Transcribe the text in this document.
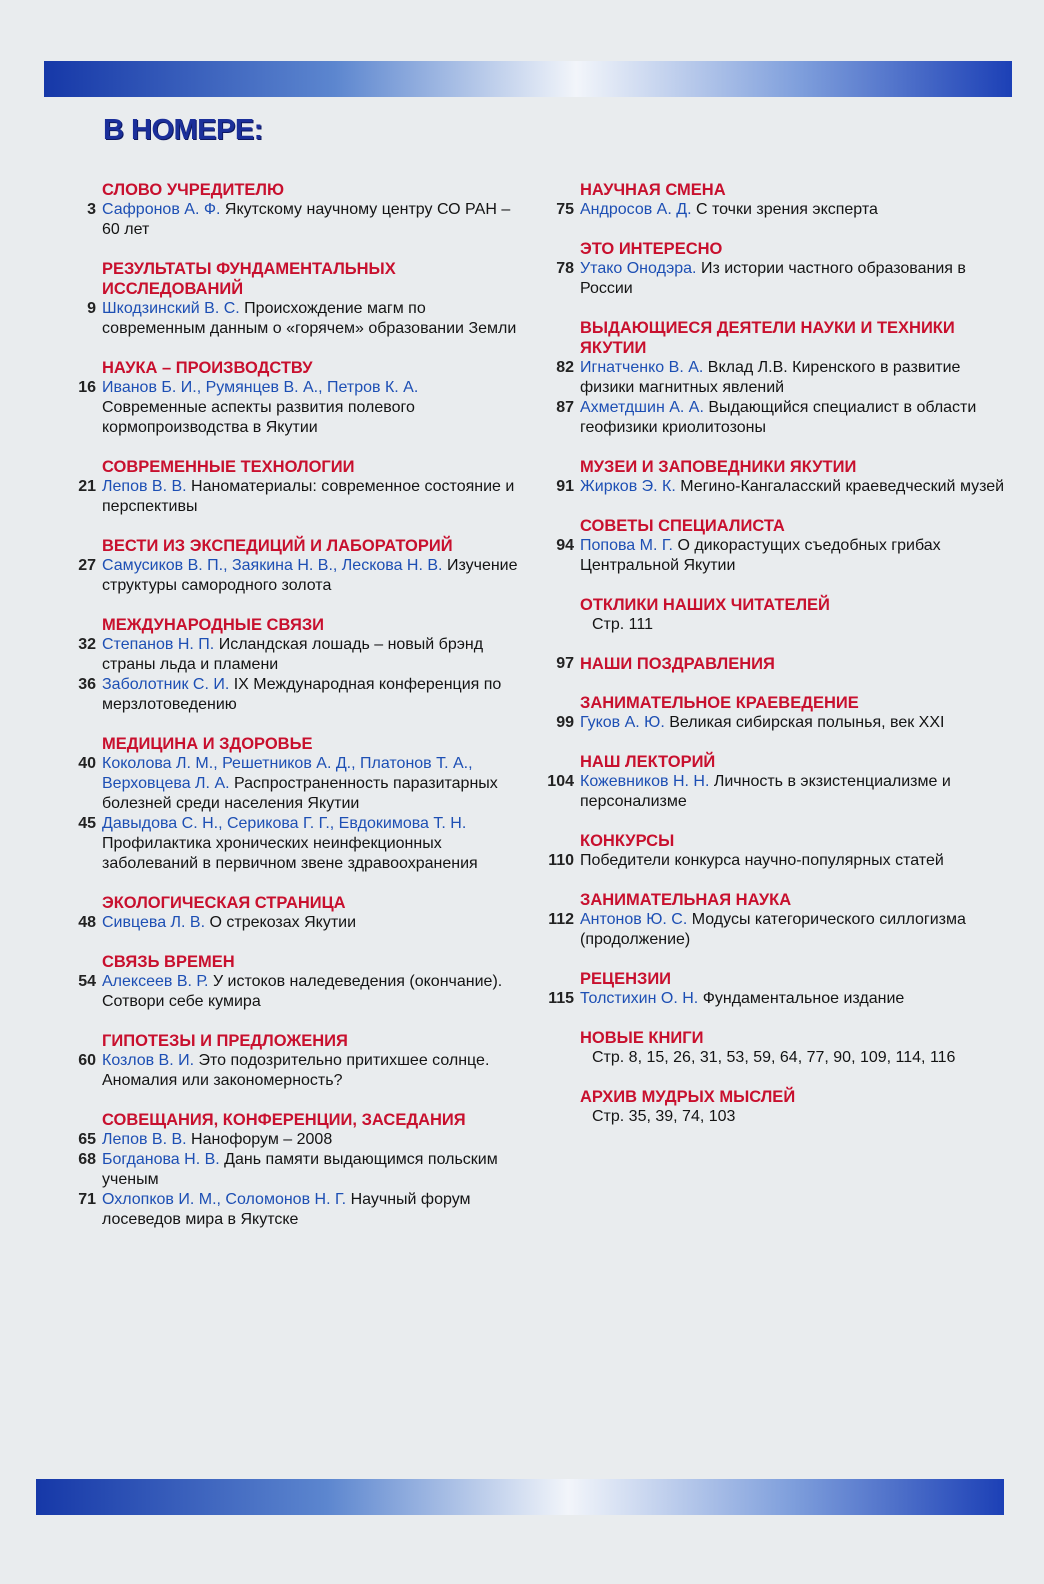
В НОМЕРЕ:
СЛОВО УЧРЕДИТЕЛЮ
3 Сафронов А. Ф. Якутскому научному центру СО РАН – 60 лет
РЕЗУЛЬТАТЫ ФУНДАМЕНТАЛЬНЫХ ИССЛЕДОВАНИЙ
9 Шкодзинский В. С. Происхождение магм по современным данным о «горячем» образовании Земли
НАУКА – ПРОИЗВОДСТВУ
16 Иванов Б. И., Румянцев В. А., Петров К. А. Современные аспекты развития полевого кормопроизводства в Якутии
СОВРЕМЕННЫЕ ТЕХНОЛОГИИ
21 Лепов В. В. Наноматериалы: современное состояние и перспективы
ВЕСТИ ИЗ ЭКСПЕДИЦИЙ И ЛАБОРАТОРИЙ
27 Самусиков В. П., Заякина Н. В., Лескова Н. В. Изучение структуры самородного золота
МЕЖДУНАРОДНЫЕ СВЯЗИ
32 Степанов Н. П. Исландская лошадь – новый брэнд страны льда и пламени
36 Заболотник С. И. IX Международная конференция по мерзлотоведению
МЕДИЦИНА И ЗДОРОВЬЕ
40 Коколова Л. М., Решетников А. Д., Платонов Т. А., Верховцева Л. А. Распространенность паразитарных болезней среди населения Якутии
45 Давыдова С. Н., Серикова Г. Г., Евдокимова Т. Н. Профилактика хронических неинфекционных заболеваний в первичном звене здравоохранения
ЭКОЛОГИЧЕСКАЯ СТРАНИЦА
48 Сивцева Л. В. О стрекозах Якутии
СВЯЗЬ ВРЕМЕН
54 Алексеев В. Р. У истоков наледеведения (окончание). Сотвори себе кумира
ГИПОТЕЗЫ И ПРЕДЛОЖЕНИЯ
60 Козлов В. И. Это подозрительно притихшее солнце. Аномалия или закономерность?
СОВЕЩАНИЯ, КОНФЕРЕНЦИИ, ЗАСЕДАНИЯ
65 Лепов В. В. Нанофорум – 2008
68 Богданова Н. В. Дань памяти выдающимся польским ученым
71 Охлопков И. М., Соломонов Н. Г. Научный форум лосеведов мира в Якутске
НАУЧНАЯ СМЕНА
75 Андросов А. Д. С точки зрения эксперта
ЭТО ИНТЕРЕСНО
78 Утако Онодэра. Из истории частного образования в России
ВЫДАЮЩИЕСЯ ДЕЯТЕЛИ НАУКИ И ТЕХНИКИ ЯКУТИИ
82 Игнатченко В. А. Вклад Л.В. Киренского в развитие физики магнитных явлений
87 Ахметдшин А. А. Выдающийся специалист в области геофизики криолитозоны
МУЗЕИ И ЗАПОВЕДНИКИ ЯКУТИИ
91 Жирков Э. К. Мегино-Кангаласский краеведческий музей
СОВЕТЫ СПЕЦИАЛИСТА
94 Попова М. Г. О дикорастущих съедобных грибах Центральной Якутии
ОТКЛИКИ НАШИХ ЧИТАТЕЛЕЙ
Стр. 111
97 НАШИ ПОЗДРАВЛЕНИЯ
ЗАНИМАТЕЛЬНОЕ КРАЕВЕДЕНИЕ
99 Гуков А. Ю. Великая сибирская полынья, век XXI
НАШ ЛЕКТОРИЙ
104 Кожевников Н. Н. Личность в экзистенциализме и персонализме
КОНКУРСЫ
110 Победители конкурса научно-популярных статей
ЗАНИМАТЕЛЬНАЯ НАУКА
112 Антонов Ю. С. Модусы категорического силлогизма (продолжение)
РЕЦЕНЗИИ
115 Толстихин О. Н. Фундаментальное издание
НОВЫЕ КНИГИ
Стр. 8, 15, 26, 31, 53, 59, 64, 77, 90, 109, 114, 116
АРХИВ МУДРЫХ МЫСЛЕЙ
Стр. 35, 39, 74, 103
